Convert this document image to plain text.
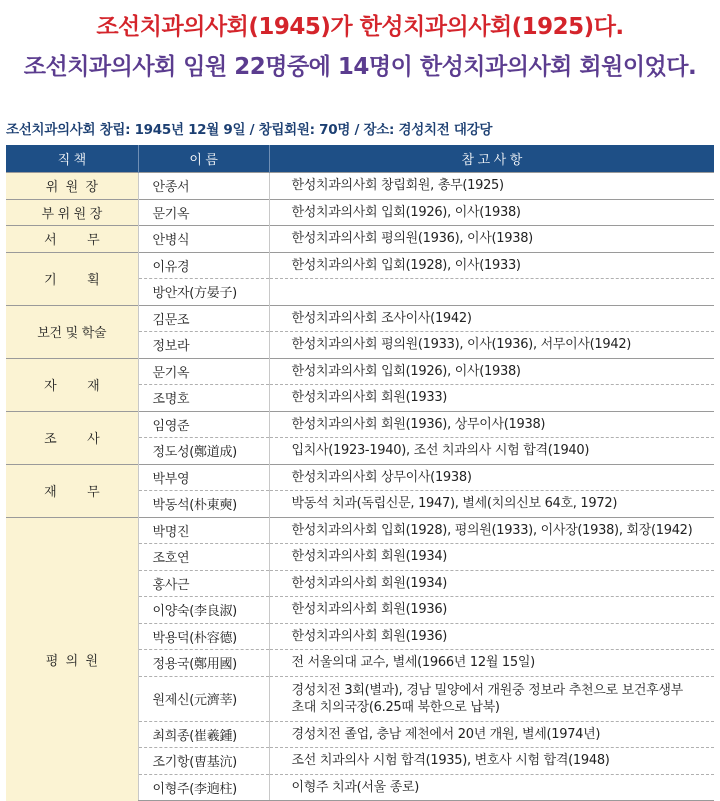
조선치과의사회(1945)가 한성치과의사회(1925)다.
조선치과의사회 임원 22명중에 14명이 한성치과의사회 회원이었다.
조선치과의사회 창립: 1945년 12월 9일 / 창립회원: 70명 / 장소: 경성치전 대강당
직 책	이 름	참 고 사 항
위  원  장	안종서	한성치과의사회 창립회원, 총무(1925)
부 위 원 장	문기옥	한성치과의사회 입회(1926), 이사(1938)
서        무	안병식	한성치과의사회 평의원(1936), 이사(1938)
기        획	이유경	한성치과의사회 입회(1928), 이사(1933)
	방안자(方晏子)	
보건 및 학술	김문조	한성치과의사회 조사이사(1942)
	정보라	한성치과의사회 평의원(1933), 이사(1936), 서무이사(1942)
자        재	문기옥	한성치과의사회 입회(1926), 이사(1938)
	조명호	한성치과의사회 회원(1933)
조        사	임영준	한성치과의사회 회원(1936), 상무이사(1938)
	정도성(鄭道成)	입치사(1923-1940), 조선 치과의사 시험 합격(1940)
재        무	박부영	한성치과의사회 상무이사(1938)
	박동석(朴東奭)	박동석 치과(독립신문, 1947), 별세(치의신보 64호, 1972)
평  의  원	박명진	한성치과의사회 입회(1928), 평의원(1933), 이사장(1938), 회장(1942)
	조호연	한성치과의사회 회원(1934)
	홍사근	한성치과의사회 회원(1934)
	이양숙(李良淑)	한성치과의사회 회원(1936)
	박용덕(朴容德)	한성치과의사회 회원(1936)
	정용국(鄭用國)	전 서울의대 교수, 별세(1966년 12월 15일)
	원제신(元濟莘)	경성치전 3회(별과), 경남 밀양에서 개원중 정보라 추천으로 보건후생부
초대 치의국장(6.25때 북한으로 납북)
	최희종(崔羲鍾)	경성치전 졸업, 충남 제천에서 20년 개원, 별세(1974년)
	조기항(曺基沆)	조선 치과의사 시험 합격(1935), 변호사 시험 합격(1948)
	이형주(李逈柱)	이형주 치과(서울 종로)
